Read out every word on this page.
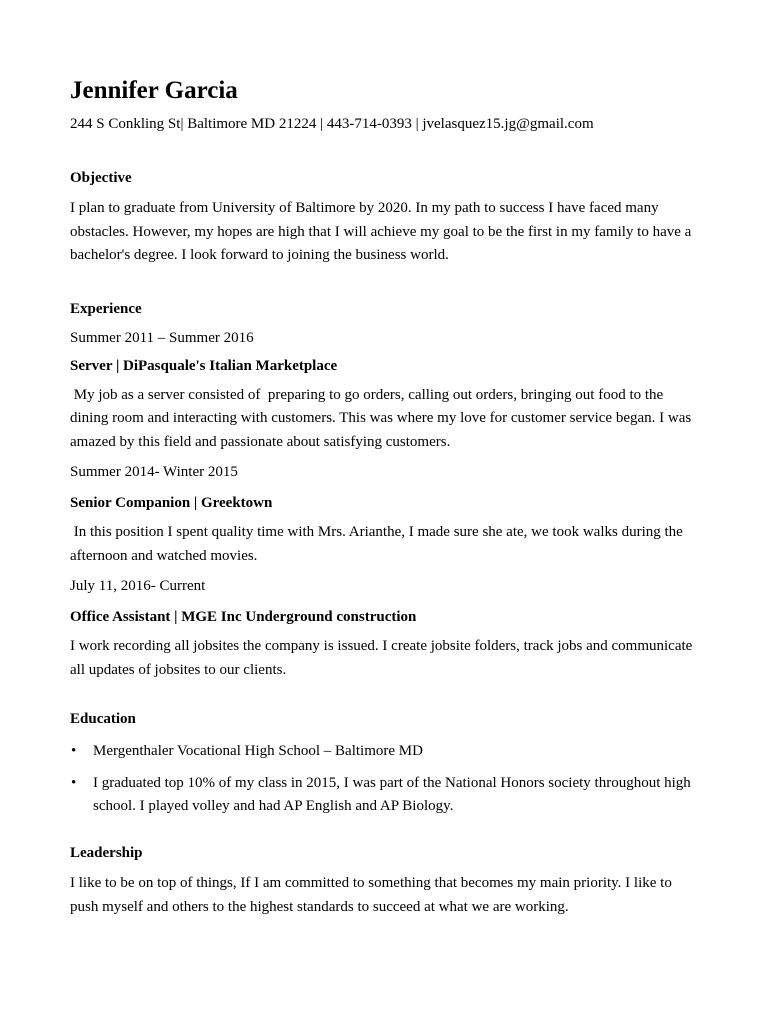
Jennifer Garcia

244 S Conkling St| Baltimore MD 21224 | 443-714-0393 | jvelasquez15.jg@gmail.com

Objective

I plan to graduate from University of Baltimore by 2020. In my path to success I have faced many obstacles. However, my hopes are high that I will achieve my goal to be the first in my family to have a bachelor's degree. I look forward to joining the business world.

Experience

Summer 2011 – Summer 2016

Server | DiPasquale's Italian Marketplace

My job as a server consisted of  preparing to go orders, calling out orders, bringing out food to the dining room and interacting with customers. This was where my love for customer service began. I was amazed by this field and passionate about satisfying customers.

Summer 2014- Winter 2015

Senior Companion | Greektown

In this position I spent quality time with Mrs. Arianthe, I made sure she ate, we took walks during the afternoon and watched movies.

July 11, 2016- Current

Office Assistant | MGE Inc Underground construction

I work recording all jobsites the company is issued. I create jobsite folders, track jobs and communicate all updates of jobsites to our clients.

Education
• Mergenthaler Vocational High School – Baltimore MD
• I graduated top 10% of my class in 2015, I was part of the National Honors society throughout high school. I played volley and had AP English and AP Biology.
Leadership

I like to be on top of things, If I am committed to something that becomes my main priority. I like to push myself and others to the highest standards to succeed at what we are working.
